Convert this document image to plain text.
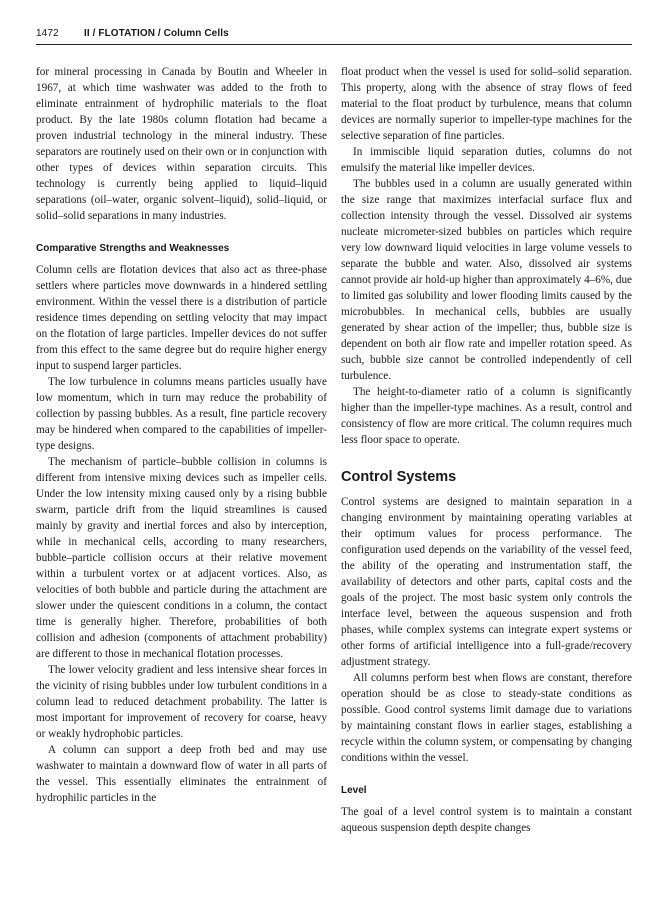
1472	II / FLOTATION / Column Cells

for mineral processing in Canada by Boutin and Wheeler in 1967, at which time washwater was added to the froth to eliminate entrainment of hydrophilic materials to the float product. By the late 1980s column flotation had became a proven industrial technology in the mineral industry. These separators are routinely used on their own or in conjunction with other types of devices within separation circuits. This technology is currently being applied to liquid–liquid separations (oil–water, organic solvent–liquid), solid–liquid, or solid–solid separations in many industries.

Comparative Strengths and Weaknesses

Column cells are flotation devices that also act as three-phase settlers where particles move downwards in a hindered settling environment. Within the vessel there is a distribution of particle residence times depending on settling velocity that may impact on the flotation of large particles. Impeller devices do not suffer from this effect to the same degree but do require higher energy input to suspend larger particles.

The low turbulence in columns means particles usually have low momentum, which in turn may reduce the probability of collection by passing bubbles. As a result, fine particle recovery may be hindered when compared to the capabilities of impeller-type designs.

The mechanism of particle–bubble collision in columns is different from intensive mixing devices such as impeller cells. Under the low intensity mixing caused only by a rising bubble swarm, particle drift from the liquid streamlines is caused mainly by gravity and inertial forces and also by interception, while in mechanical cells, according to many researchers, bubble–particle collision occurs at their relative movement within a turbulent vortex or at adjacent vortices. Also, as velocities of both bubble and particle during the attachment are slower under the quiescent conditions in a column, the contact time is generally higher. Therefore, probabilities of both collision and adhesion (components of attachment probability) are different to those in mechanical flotation processes.

The lower velocity gradient and less intensive shear forces in the vicinity of rising bubbles under low turbulent conditions in a column lead to reduced detachment probability. The latter is most important for improvement of recovery for coarse, heavy or weakly hydrophobic particles.

A column can support a deep froth bed and may use washwater to maintain a downward flow of water in all parts of the vessel. This essentially eliminates the entrainment of hydrophilic particles in the

float product when the vessel is used for solid–solid separation. This property, along with the absence of stray flows of feed material to the float product by turbulence, means that column devices are normally superior to impeller-type machines for the selective separation of fine particles.

In immiscible liquid separation duties, columns do not emulsify the material like impeller devices.

The bubbles used in a column are usually generated within the size range that maximizes interfacial surface flux and collection intensity through the vessel. Dissolved air systems nucleate micrometer-sized bubbles on particles which require very low downward liquid velocities in large volume vessels to separate the bubble and water. Also, dissolved air systems cannot provide air hold-up higher than approximately 4–6%, due to limited gas solubility and lower flooding limits caused by the microbubbles. In mechanical cells, bubbles are usually generated by shear action of the impeller; thus, bubble size is dependent on both air flow rate and impeller rotation speed. As such, bubble size cannot be controlled independently of cell turbulence.

The height-to-diameter ratio of a column is significantly higher than the impeller-type machines. As a result, control and consistency of flow are more critical. The column requires much less floor space to operate.

Control Systems

Control systems are designed to maintain separation in a changing environment by maintaining operating variables at their optimum values for process performance. The configuration used depends on the variability of the vessel feed, the ability of the operating and instrumentation staff, the availability of detectors and other parts, capital costs and the goals of the project. The most basic system only controls the interface level, between the aqueous suspension and froth phases, while complex systems can integrate expert systems or other forms of artificial intelligence into a full-grade/recovery adjustment strategy.

All columns perform best when flows are constant, therefore operation should be as close to steady-state conditions as possible. Good control systems limit damage due to variations by maintaining constant flows in earlier stages, establishing a recycle within the column system, or compensating by changing conditions within the vessel.

Level

The goal of a level control system is to maintain a constant aqueous suspension depth despite changes
